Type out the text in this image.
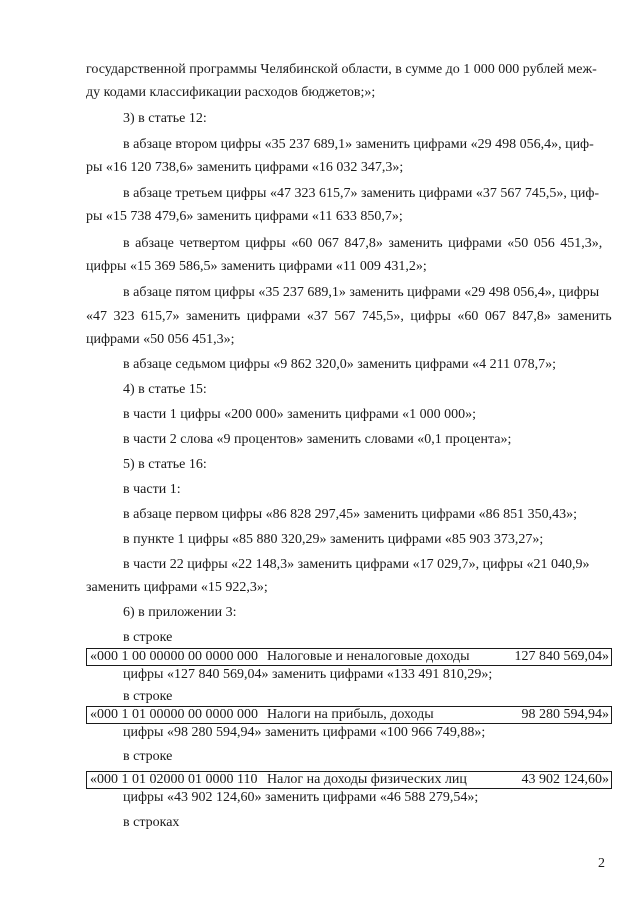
государственной программы Челябинской области, в сумме до 1 000 000 рублей меж-
ду кодами классификации расходов бюджетов;»;
3) в статье 12:
в абзаце втором цифры «35 237 689,1» заменить цифрами «29 498 056,4», циф-
ры «16 120 738,6» заменить цифрами «16 032 347,3»;
в абзаце третьем цифры «47 323 615,7» заменить цифрами «37 567 745,5», циф-
ры «15 738 479,6» заменить цифрами «11 633 850,7»;
в абзаце четвертом цифры «60 067 847,8» заменить цифрами «50 056 451,3»,
цифры «15 369 586,5» заменить цифрами «11 009 431,2»;
в абзаце пятом цифры «35 237 689,1» заменить цифрами «29 498 056,4», цифры
«47 323 615,7» заменить цифрами «37 567 745,5», цифры «60 067 847,8» заменить
цифрами «50 056 451,3»;
в абзаце седьмом цифры «9 862 320,0» заменить цифрами «4 211 078,7»;
4) в статье 15:
в части 1 цифры «200 000» заменить цифрами «1 000 000»;
в части 2 слова «9 процентов» заменить словами «0,1 процента»;
5) в статье 16:
в части 1:
в абзаце первом цифры «86 828 297,45» заменить цифрами «86 851 350,43»;
в пункте 1 цифры «85 880 320,29» заменить цифрами «85 903 373,27»;
в части 22 цифры «22 148,3» заменить цифрами «17 029,7», цифры «21 040,9»
заменить цифрами «15 922,3»;
6) в приложении 3:
в строке
«000 1 00 00000 00 0000 000 Налоговые и неналоговые доходы	127 840 569,04»
цифры «127 840 569,04» заменить цифрами «133 491 810,29»;
в строке
«000 1 01 00000 00 0000 000 Налоги на прибыль, доходы	98 280 594,94»
цифры «98 280 594,94» заменить цифрами «100 966 749,88»;
в строке
«000 1 01 02000 01 0000 110 Налог на доходы физических лиц	43 902 124,60»
цифры «43 902 124,60» заменить цифрами «46 588 279,54»;
в строках
2
